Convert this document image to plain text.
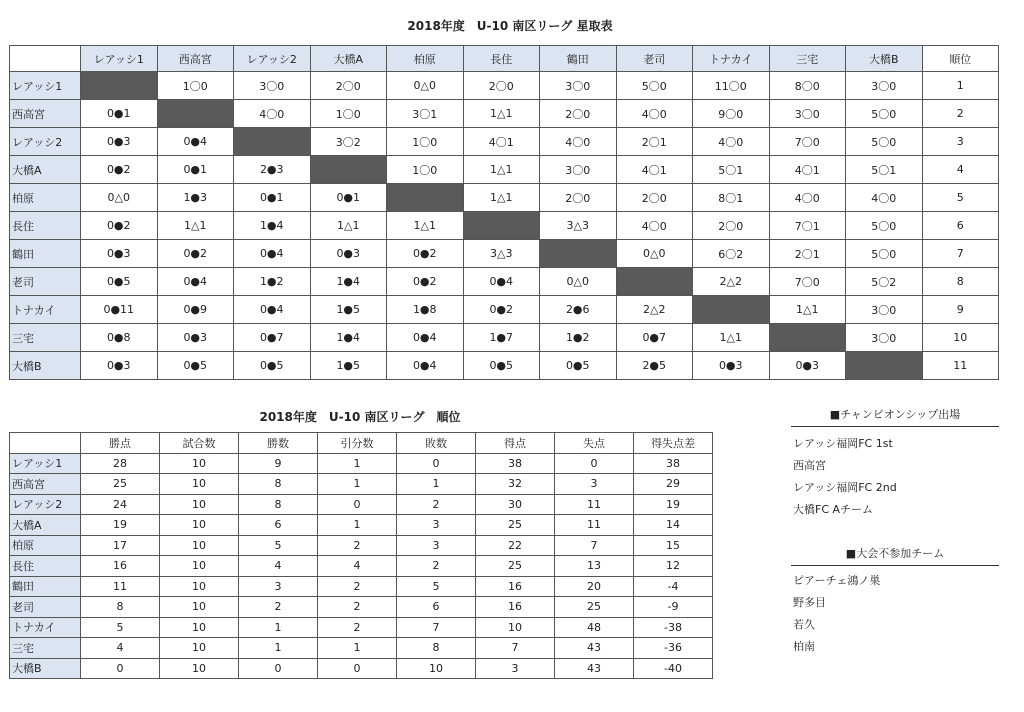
2018年度　U-10 南区リーグ 星取表
	レアッシ1	西高宮	レアッシ2	大橋A	柏原	長住	鶴田	老司	トナカイ	三宅	大橋B	順位
レアッシ1		1〇0	3〇0	2〇0	0△0	2〇0	3〇0	5〇0	11〇0	8〇0	3〇0	1
西高宮	0●1		4〇0	1〇0	3〇1	1△1	2〇0	4〇0	9〇0	3〇0	5〇0	2
レアッシ2	0●3	0●4		3〇2	1〇0	4〇1	4〇0	2〇1	4〇0	7〇0	5〇0	3
大橋A	0●2	0●1	2●3		1〇0	1△1	3〇0	4〇1	5〇1	4〇1	5〇1	4
柏原	0△0	1●3	0●1	0●1		1△1	2〇0	2〇0	8〇1	4〇0	4〇0	5
長住	0●2	1△1	1●4	1△1	1△1		3△3	4〇0	2〇0	7〇1	5〇0	6
鶴田	0●3	0●2	0●4	0●3	0●2	3△3		0△0	6〇2	2〇1	5〇0	7
老司	0●5	0●4	1●2	1●4	0●2	0●4	0△0		2△2	7〇0	5〇2	8
トナカイ	0●11	0●9	0●4	1●5	1●8	0●2	2●6	2△2		1△1	3〇0	9
三宅	0●8	0●3	0●7	1●4	0●4	1●7	1●2	0●7	1△1		3〇0	10
大橋B	0●3	0●5	0●5	1●5	0●4	0●5	0●5	2●5	0●3	0●3		11
2018年度　U-10 南区リーグ　順位
	勝点	試合数	勝数	引分数	敗数	得点	失点	得失点差
レアッシ1	28	10	9	1	0	38	0	38
西高宮	25	10	8	1	1	32	3	29
レアッシ2	24	10	8	0	2	30	11	19
大橋A	19	10	6	1	3	25	11	14
柏原	17	10	5	2	3	22	7	15
長住	16	10	4	4	2	25	13	12
鶴田	11	10	3	2	5	16	20	-4
老司	8	10	2	2	6	16	25	-9
トナカイ	5	10	1	2	7	10	48	-38
三宅	4	10	1	1	8	7	43	-36
大橋B	0	10	0	0	10	3	43	-40
■チャンピオンシップ出場
レアッシ福岡FC 1st
西高宮
レアッシ福岡FC 2nd
大橋FC Aチーム
■大会不参加チーム
ピアーチェ鴻ノ巣
野多目
若久
柏南
